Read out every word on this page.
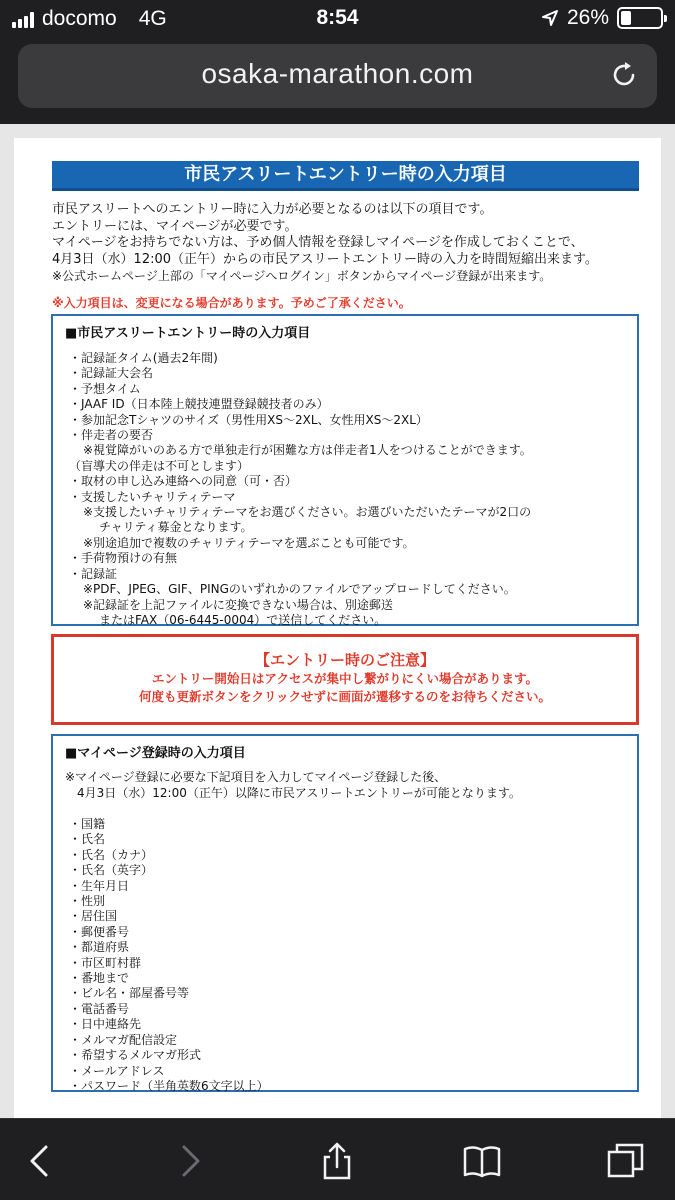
docomo 4G	8:54	26%
osaka-marathon.com
市民アスリートエントリー時の入力項目
市民アスリートへのエントリー時に入力が必要となるのは以下の項目です。
エントリーには、マイページが必要です。
マイページをお持ちでない方は、予め個人情報を登録しマイページを作成しておくことで、
4月3日（水）12:00（正午）からの市民アスリートエントリー時の入力を時間短縮出来ます。
※公式ホームページ上部の「マイページへログイン」ボタンからマイページ登録が出来ます。
※入力項目は、変更になる場合があります。予めご了承ください。
■市民アスリートエントリー時の入力項目
・記録証タイム(過去2年間)
・記録証大会名
・予想タイム
・JAAF ID（日本陸上競技連盟登録競技者のみ）
・参加記念Tシャツのサイズ（男性用XS〜2XL、女性用XS〜2XL）
・伴走者の要否
※視覚障がいのある方で単独走行が困難な方は伴走者1人をつけることができます。
（盲導犬の伴走は不可とします）
・取材の申し込み連絡への同意（可・否）
・支援したいチャリティテーマ
※支援したいチャリティテーマをお選びください。お選びいただいたテーマが2口の
チャリティ募金となります。
※別途追加で複数のチャリティテーマを選ぶことも可能です。
・手荷物預けの有無
・記録証
※PDF、JPEG、GIF、PINGのいずれかのファイルでアップロードしてください。
※記録証を上記ファイルに変換できない場合は、別途郵送
またはFAX（06-6445-0004）で送信してください。
【エントリー時のご注意】
エントリー開始日はアクセスが集中し繋がりにくい場合があります。
何度も更新ボタンをクリックせずに画面が遷移するのをお待ちください。
■マイページ登録時の入力項目
※マイページ登録に必要な下記項目を入力してマイページ登録した後、
4月3日（水）12:00（正午）以降に市民アスリートエントリーが可能となります。
・国籍
・氏名
・氏名（カナ）
・氏名（英字）
・生年月日
・性別
・居住国
・郵便番号
・都道府県
・市区町村群
・番地まで
・ビル名・部屋番号等
・電話番号
・日中連絡先
・メルマガ配信設定
・希望するメルマガ形式
・メールアドレス
・パスワード（半角英数6文字以上）
